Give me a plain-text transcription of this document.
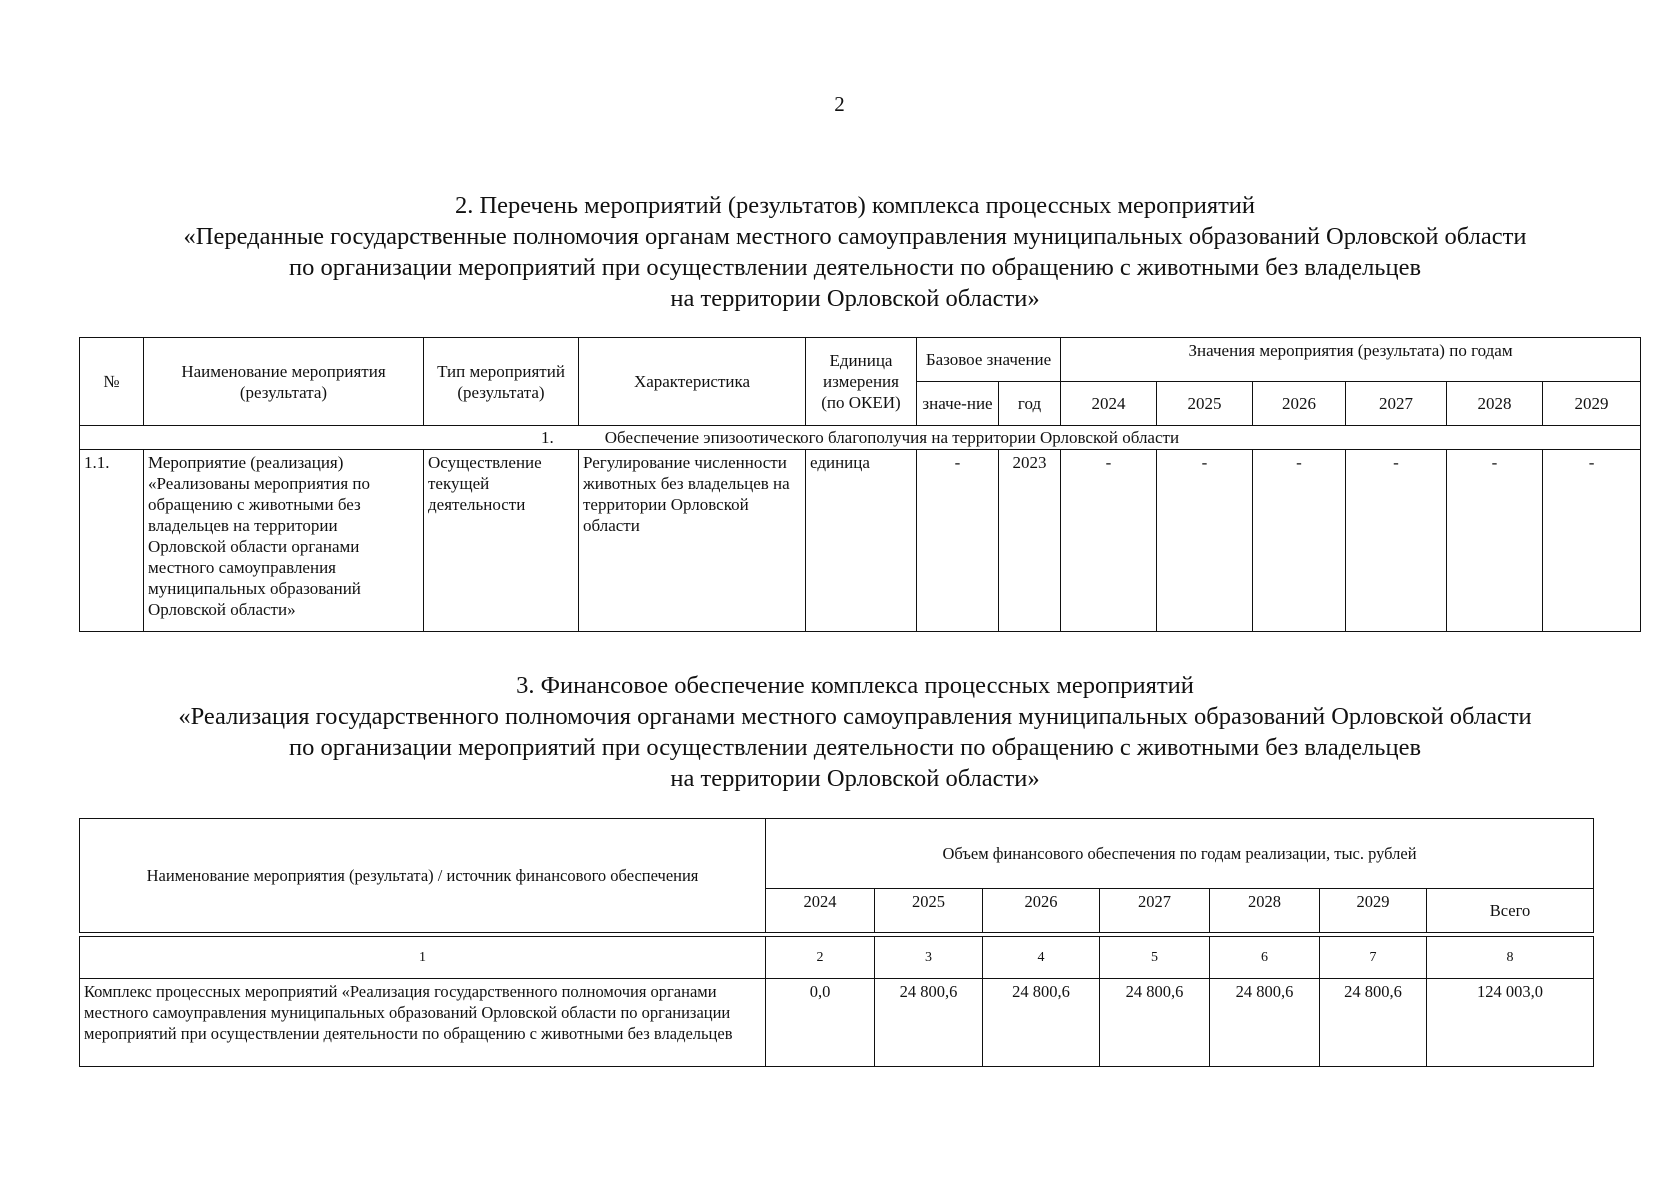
2
2. Перечень мероприятий (результатов) комплекса процессных мероприятий
«Переданные государственные полномочия органам местного самоуправления муниципальных образований Орловской области
по организации мероприятий при осуществлении деятельности по обращению с животными без владельцев
на территории Орловской области»
№	Наименование мероприятия (результата)	Тип мероприятий (результата)	Характеристика	Единица измерения (по ОКЕИ)	Базовое значение		Значения мероприятия (результата) по годам					
					значе-ние	год	2024	2025	2026	2027	2028	2029
1. Обеспечение эпизоотического благополучия на территории Орловской области												
1.1.	Мероприятие (реализация) «Реализованы мероприятия по обращению с животными без владельцев на территории Орловской области органами местного самоуправления муниципальных образований Орловской области»	Осуществление текущей деятельности	Регулирование численности животных без владельцев на территории Орловской области	единица	-	2023	-	-	-	-	-	-
3. Финансовое обеспечение комплекса процессных мероприятий
«Реализация государственного полномочия органами местного самоуправления муниципальных образований Орловской области
по организации мероприятий при осуществлении деятельности по обращению с животными без владельцев
на территории Орловской области»
Наименование мероприятия (результата) / источник финансового обеспечения	Объем финансового обеспечения по годам реализации, тыс. рублей						
	2024	2025	2026	2027	2028	2029	Всего

1	2	3	4	5	6	7	8
Комплекс процессных мероприятий «Реализация государственного полномочия органами местного самоуправления муниципальных образований Орловской области по организации мероприятий при осуществлении деятельности по обращению с животными без владельцев	0,0	24 800,6	24 800,6	24 800,6	24 800,6	24 800,6	124 003,0
